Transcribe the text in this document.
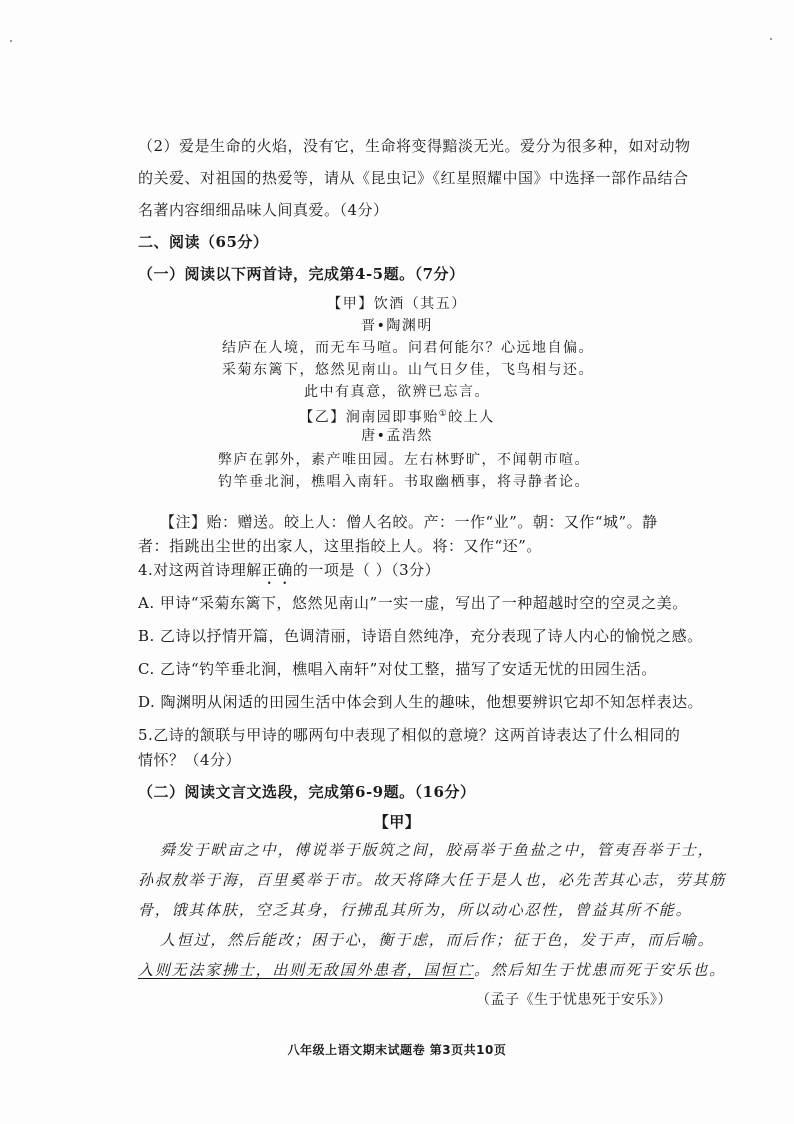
（2）爱是生命的火焰，没有它，生命将变得黯淡无光。爱分为很多种，如对动物
的关爱、对祖国的热爱等，请从《昆虫记》《红星照耀中国》中选择一部作品结合
名著内容细细品味人间真爱。（4分）
二、阅读（65分）
（一）阅读以下两首诗，完成第4-5题。（7分）
【甲】饮酒（其五）
晋•陶渊明
结庐在人境，而无车马喧。问君何能尔？心远地自偏。
采菊东篱下，悠然见南山。山气日夕佳，飞鸟相与还。
此中有真意，欲辨已忘言。
【乙】涧南园即事贻①皎上人
唐•孟浩然
弊庐在郭外，素产唯田园。左右林野旷，不闻朝市喧。
钓竿垂北涧，樵唱入南轩。书取幽栖事，将寻静者论。
【注】贻：赠送。皎上人：僧人名皎。产：一作“业”。朝：又作“城”。静
者：指跳出尘世的出家人，这里指皎上人。将：又作“还”。
4.对这两首诗理解正确的一项是（ ）（3分）
A. 甲诗“采菊东篱下，悠然见南山”一实一虚，写出了一种超越时空的空灵之美。
B. 乙诗以抒情开篇，色调清丽，诗语自然纯净，充分表现了诗人内心的愉悦之感。
C. 乙诗“钓竿垂北涧，樵唱入南轩”对仗工整，描写了安适无忧的田园生活。
D. 陶渊明从闲适的田园生活中体会到人生的趣味，他想要辨识它却不知怎样表达。
5.乙诗的颔联与甲诗的哪两句中表现了相似的意境？这两首诗表达了什么相同的
情怀？（4分）
（二）阅读文言文选段，完成第6-9题。（16分）
【甲】
舜发于畎亩之中，傅说举于版筑之间，胶鬲举于鱼盐之中，管夷吾举于士，
孙叔敖举于海，百里奚举于市。故天将降大任于是人也，必先苦其心志，劳其筋
骨，饿其体肤，空乏其身，行拂乱其所为，所以动心忍性，曾益其所不能。
人恒过，然后能改；困于心，衡于虑，而后作；征于色，发于声，而后喻。
入则无法家拂士，出则无敌国外患者，国恒亡。然后知生于忧患而死于安乐也。
（孟子《生于忧患死于安乐》）
八年级上语文期末试题卷 第3页共10页
